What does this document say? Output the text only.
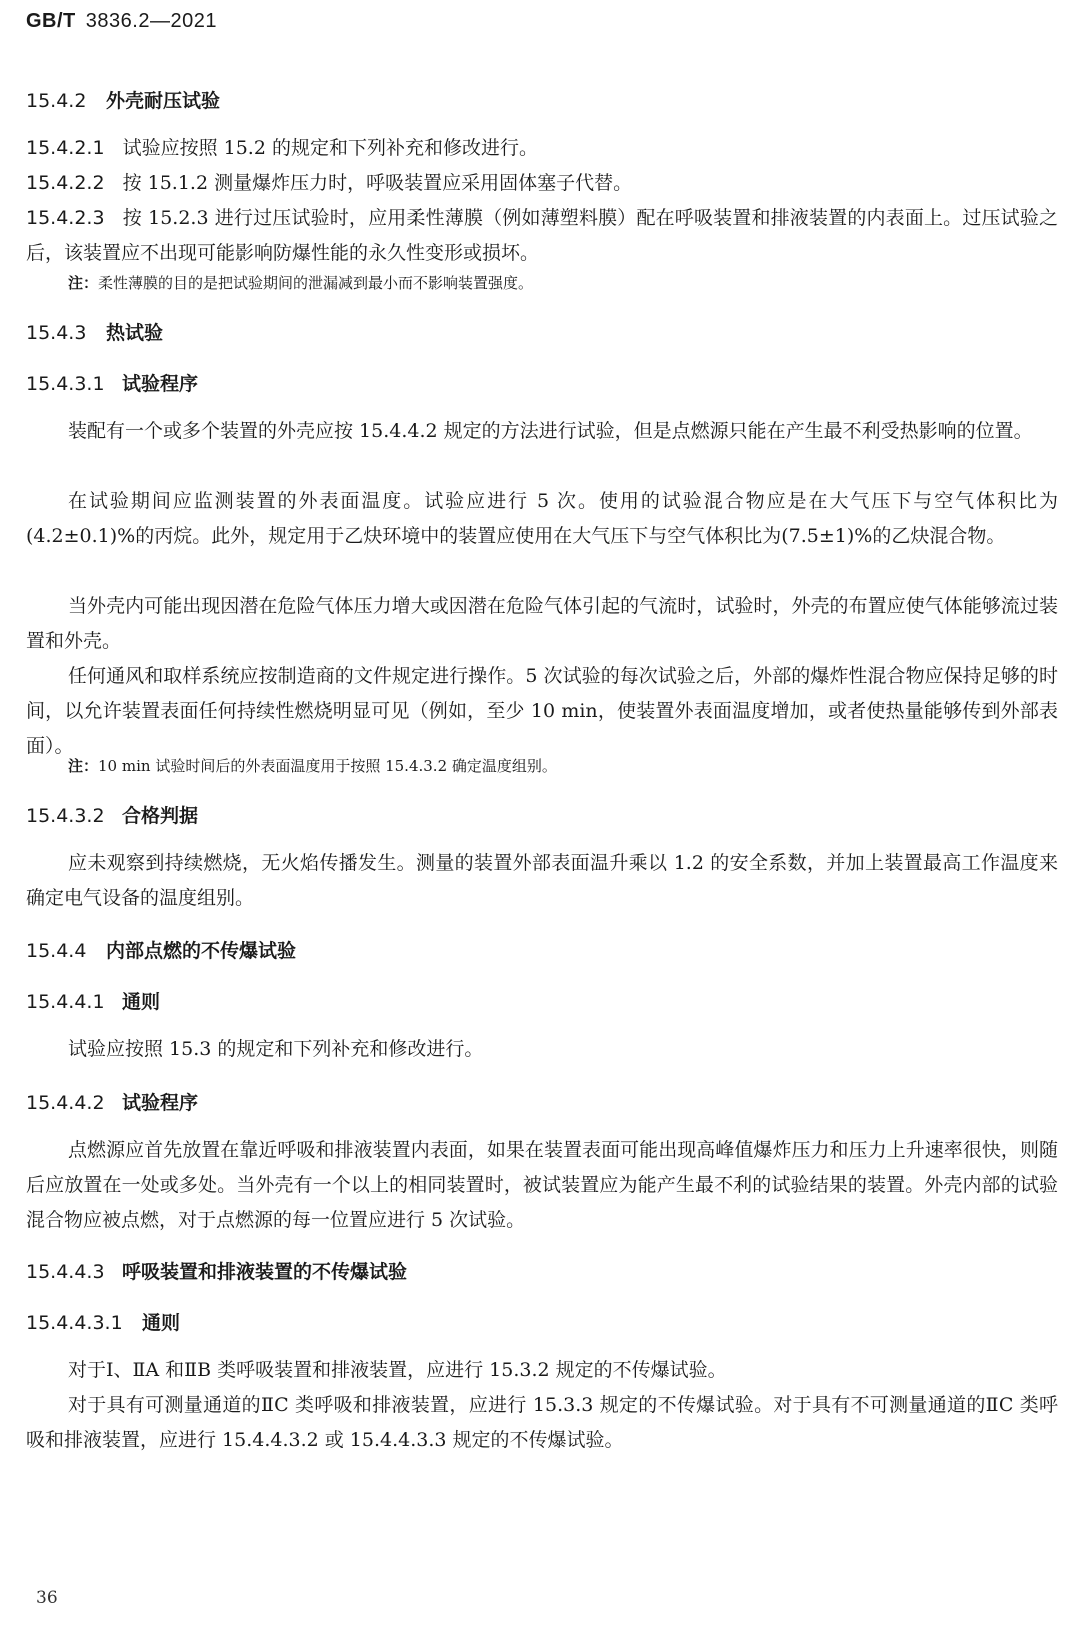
GB/T 3836.2—2021
15.4.2 外壳耐压试验
15.4.2.1 试验应按照 15.2 的规定和下列补充和修改进行。
15.4.2.2 按 15.1.2 测量爆炸压力时，呼吸装置应采用固体塞子代替。
15.4.2.3 按 15.2.3 进行过压试验时，应用柔性薄膜（例如薄塑料膜）配在呼吸装置和排液装置的内表面上。过压试验之后，该装置应不出现可能影响防爆性能的永久性变形或损坏。
注：柔性薄膜的目的是把试验期间的泄漏减到最小而不影响装置强度。
15.4.3 热试验
15.4.3.1 试验程序
装配有一个或多个装置的外壳应按 15.4.4.2 规定的方法进行试验，但是点燃源只能在产生最不利受热影响的位置。
在试验期间应监测装置的外表面温度。试验应进行 5 次。使用的试验混合物应是在大气压下与空气体积比为(4.2±0.1)%的丙烷。此外，规定用于乙炔环境中的装置应使用在大气压下与空气体积比为(7.5±1)%的乙炔混合物。
当外壳内可能出现因潜在危险气体压力增大或因潜在危险气体引起的气流时，试验时，外壳的布置应使气体能够流过装置和外壳。
任何通风和取样系统应按制造商的文件规定进行操作。5 次试验的每次试验之后，外部的爆炸性混合物应保持足够的时间，以允许装置表面任何持续性燃烧明显可见（例如，至少 10 min，使装置外表面温度增加，或者使热量能够传到外部表面）。
注：10 min 试验时间后的外表面温度用于按照 15.4.3.2 确定温度组别。
15.4.3.2 合格判据
应未观察到持续燃烧，无火焰传播发生。测量的装置外部表面温升乘以 1.2 的安全系数，并加上装置最高工作温度来确定电气设备的温度组别。
15.4.4 内部点燃的不传爆试验
15.4.4.1 通则
试验应按照 15.3 的规定和下列补充和修改进行。
15.4.4.2 试验程序
点燃源应首先放置在靠近呼吸和排液装置内表面，如果在装置表面可能出现高峰值爆炸压力和压力上升速率很快，则随后应放置在一处或多处。当外壳有一个以上的相同装置时，被试装置应为能产生最不利的试验结果的装置。外壳内部的试验混合物应被点燃，对于点燃源的每一位置应进行 5 次试验。
15.4.4.3 呼吸装置和排液装置的不传爆试验
15.4.4.3.1 通则
对于Ⅰ、ⅡA 和ⅡB 类呼吸装置和排液装置，应进行 15.3.2 规定的不传爆试验。
对于具有可测量通道的ⅡC 类呼吸和排液装置，应进行 15.3.3 规定的不传爆试验。对于具有不可测量通道的ⅡC 类呼吸和排液装置，应进行 15.4.4.3.2 或 15.4.4.3.3 规定的不传爆试验。
36
